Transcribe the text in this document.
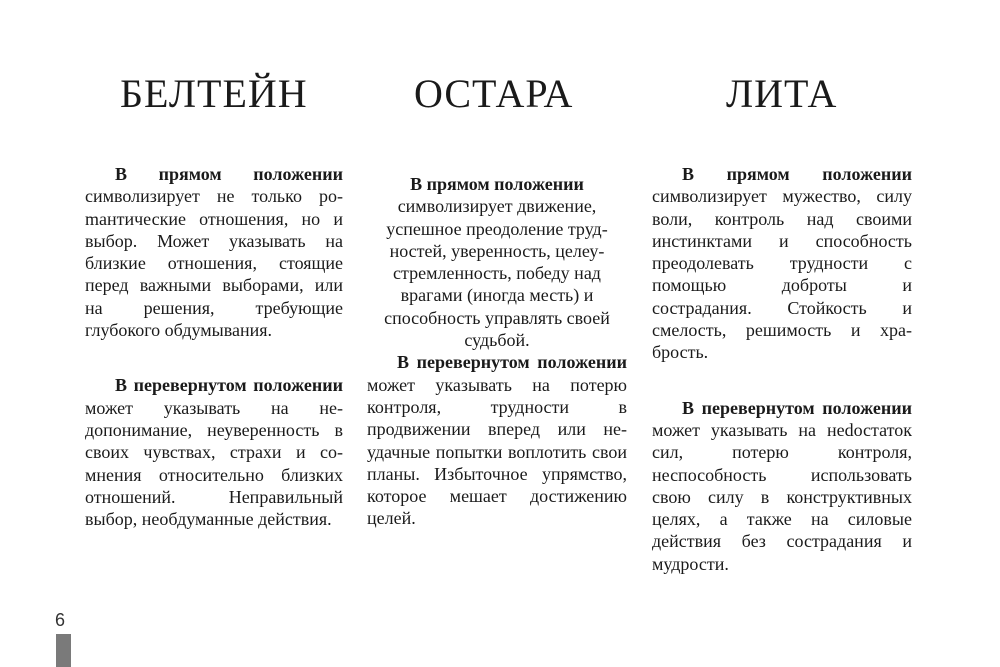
БЕЛТЕЙН	ОСТАРА	ЛИТА

В прямом положении символизирует не только роmантические отношения, но и выбор. Может указывать на близкие отношения, стоящие перед важными выборами, или на решения, требующие глубокого обдумывания.

В перевернутом положении может указывать на недопонимание, неуверенность в своих чувствах, страхи и сомнения относительно близких отношений. Неправильный выбор, необдуманные действия.

В прямом положении символизирует движение, успешное преодоление трудностей, уверенность, целеустремленность, победу над врагами (иногда месть) и способность управлять своей судьбой.

В перевернутом положении может указывать на потерю контроля, трудности в продвижении вперед или неудачные попытки воплотить свои планы. Избыточное упрямство, которое мешает достижению целей.

В прямом положении символизирует мужество, силу воли, контроль над своими инстинктами и способность преодолевать трудности с помощью доброты и сострадания. Стойкость и смелость, решимость и храбрость.

В перевернутом положении может указывать на неdостаток сил, потерю контроля, неспособность использовать свою силу в конструктивных целях, а также на силовые действия без сострадания и мудрости.

6
